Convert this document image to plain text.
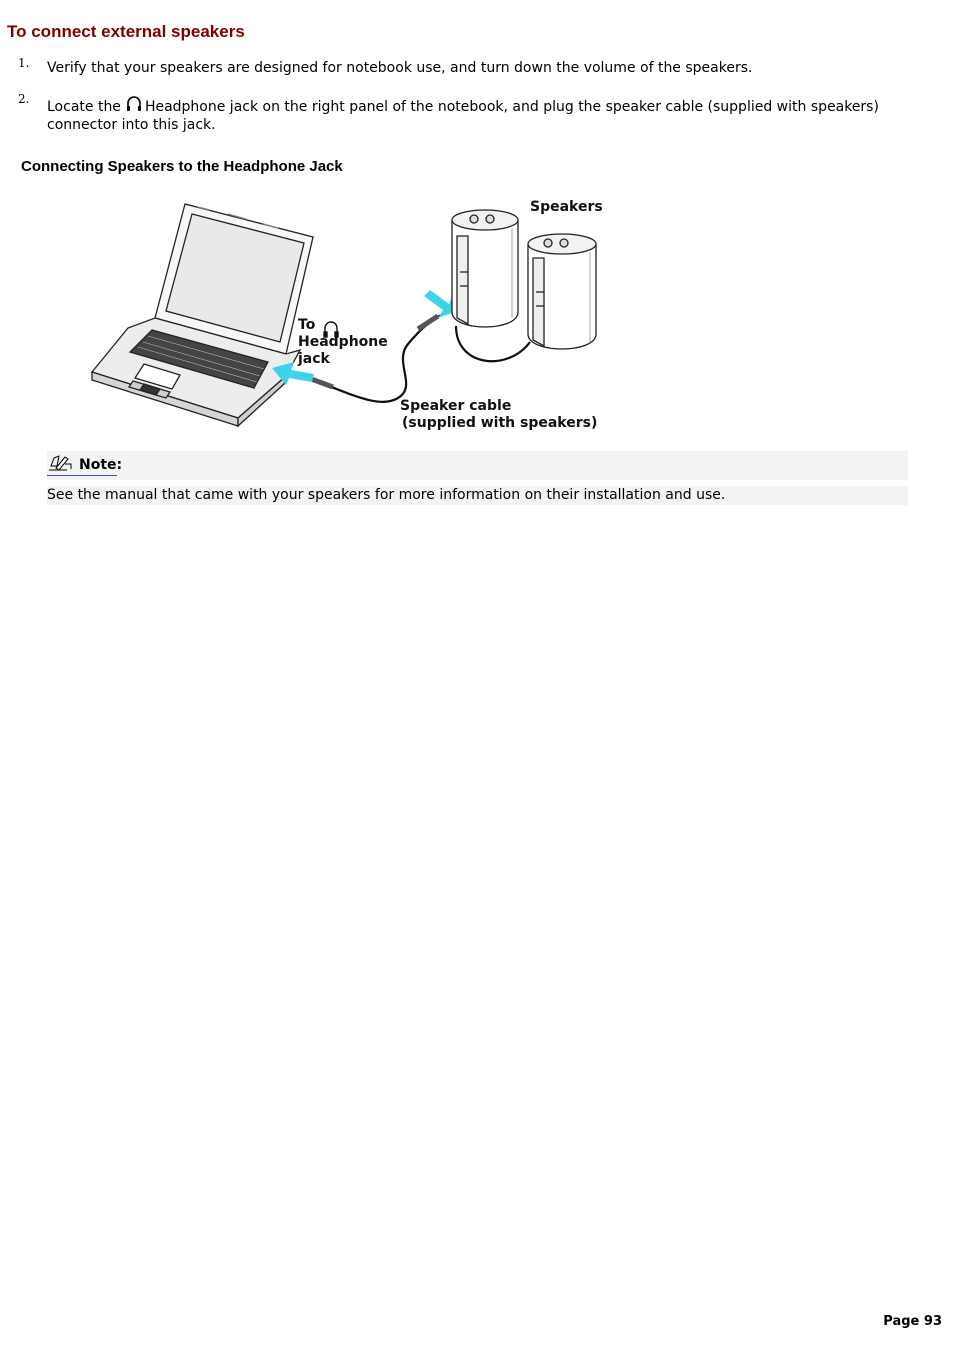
To connect external speakers
1. Verify that your speakers are designed for notebook use, and turn down the volume of the speakers.
2. Locate the Headphone jack on the right panel of the notebook, and plug the speaker cable (supplied with speakers) connector into this jack.
Connecting Speakers to the Headphone Jack
Speakers
To
Headphone
jack
Speaker cable
(supplied with speakers)
Note:
See the manual that came with your speakers for more information on their installation and use.
Page 93
